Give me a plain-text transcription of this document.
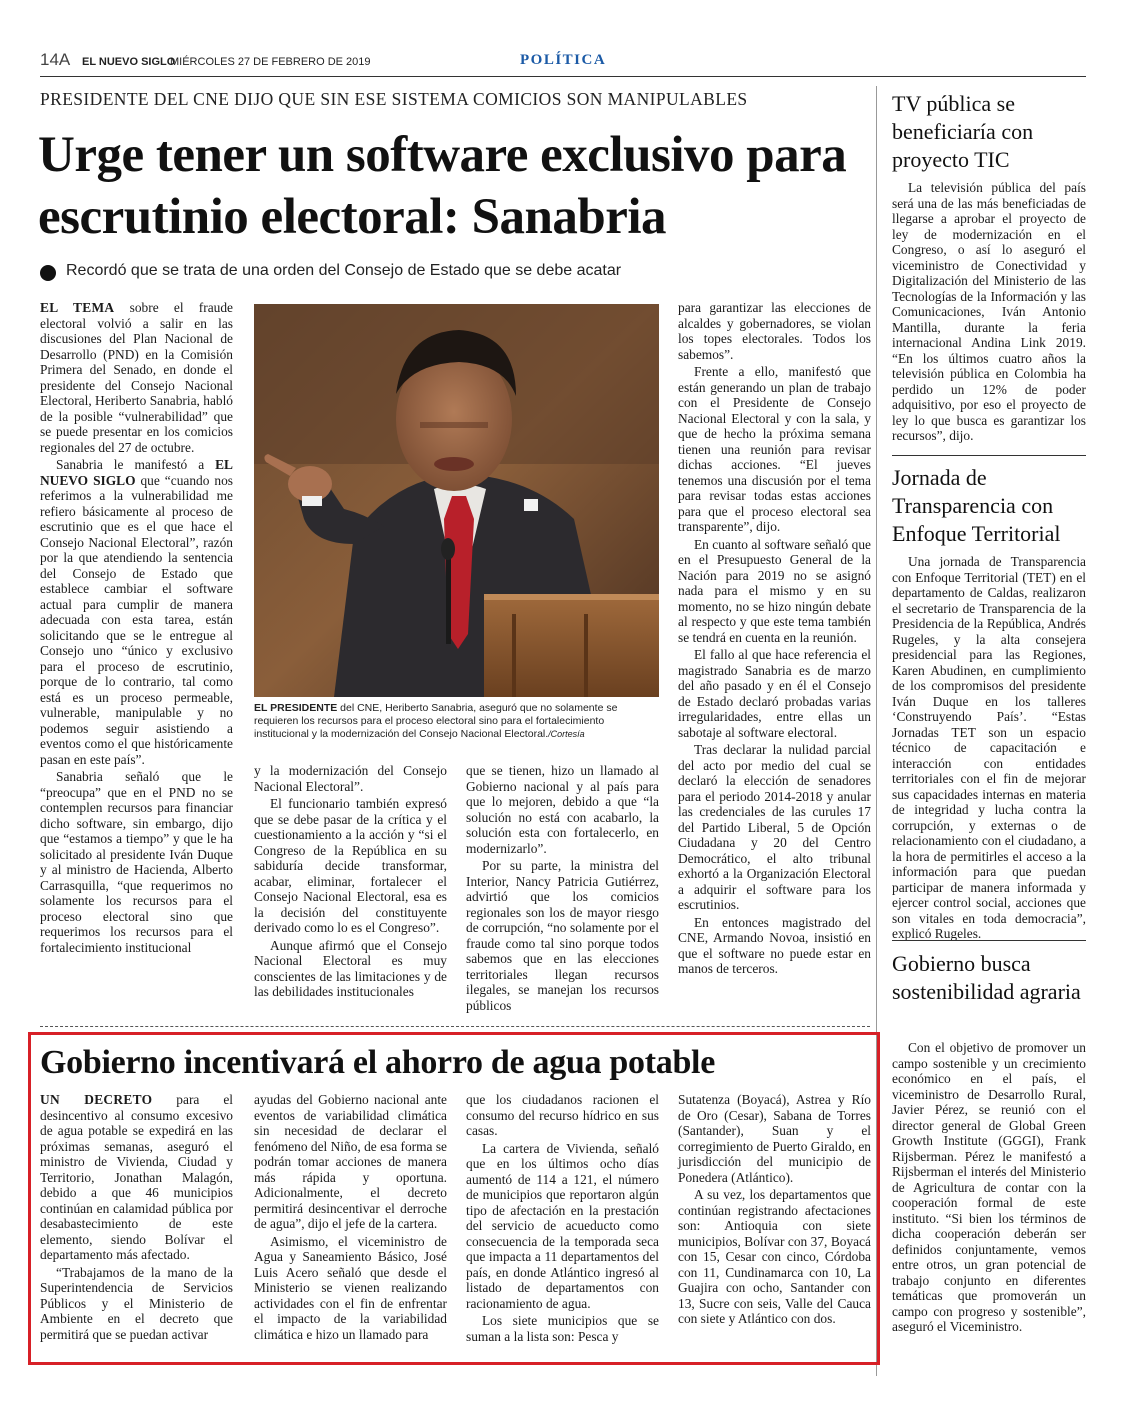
14A EL NUEVO SIGLO
MIÉRCOLES 27 DE FEBRERO DE 2019	POLÍTICA
PRESIDENTE DEL CNE DIJO QUE SIN ESE SISTEMA COMICIOS SON MANIPULABLES
Urge tener un software exclusivo para escrutinio electoral: Sanabria
Recordó que se trata de una orden del Consejo de Estado que se debe acatar

EL TEMA sobre el fraude electoral volvió a salir en las discusiones del Plan Nacional de Desarrollo (PND) en la Comisión Primera del Senado, en donde el presidente del Consejo Nacional Electoral, Heriberto Sanabria, habló de la posible “vulnerabilidad” que se puede presentar en los comicios regionales del 27 de octubre.

Sanabria le manifestó a EL NUEVO SIGLO que “cuando nos referimos a la vulnerabilidad me refiero básicamente al proceso de escrutinio que es el que hace el Consejo Nacional Electoral”, razón por la que atendiendo la sentencia del Consejo de Estado que establece cambiar el software actual para cumplir de manera adecuada con esta tarea, están solicitando que se le entregue al Consejo uno “único y exclusivo para el proceso de escrutinio, porque de lo contrario, tal como está es un proceso permeable, vulnerable, manipulable y no podemos seguir asistiendo a eventos como el que históricamente pasan en este país”.

Sanabria señaló que le “preocupa” que en el PND no se contemplen recursos para financiar dicho software, sin embargo, dijo que “estamos a tiempo” y que le ha solicitado al presidente Iván Duque y al ministro de Hacienda, Alberto Carrasquilla, “que requerimos no solamente los recursos para el proceso electoral sino que requerimos los recursos para el fortalecimiento institucional

EL PRESIDENTE del CNE, Heriberto Sanabria, aseguró que no solamente se requieren los recursos para el proceso electoral sino para el fortalecimiento institucional y la modernización del Consejo Nacional Electoral./Cortesía

y la modernización del Consejo Nacional Electoral”.

El funcionario también expresó que se debe pasar de la crítica y el cuestionamiento a la acción y “si el Congreso de la República en su sabiduría decide transformar, acabar, eliminar, fortalecer el Consejo Nacional Electoral, esa es la decisión del constituyente derivado como lo es el Congreso”.

Aunque afirmó que el Consejo Nacional Electoral es muy conscientes de las limitaciones y de las debilidades institucionales

que se tienen, hizo un llamado al Gobierno nacional y al país para que lo mejoren, debido a que “la solución no está con acabarlo, la solución esta con fortalecerlo, en modernizarlo”.

Por su parte, la ministra del Interior, Nancy Patricia Gutiérrez, advirtió que los comicios regionales son los de mayor riesgo de corrupción, “no solamente por el fraude como tal sino porque todos sabemos que en las elecciones territoriales llegan recursos ilegales, se manejan los recursos públicos

para garantizar las elecciones de alcaldes y gobernadores, se violan los topes electorales. Todos los sabemos”.

Frente a ello, manifestó que están generando un plan de trabajo con el Presidente de Consejo Nacional Electoral y con la sala, y que de hecho la próxima semana tienen una reunión para revisar dichas acciones. “El jueves tenemos una discusión por el tema para revisar todas estas acciones para que el proceso electoral sea transparente”, dijo.

En cuanto al software señaló que en el Presupuesto General de la Nación para 2019 no se asignó nada para el mismo y en su momento, no se hizo ningún debate al respecto y que este tema también se tendrá en cuenta en la reunión.

El fallo al que hace referencia el magistrado Sanabria es de marzo del año pasado y en él el Consejo de Estado declaró probadas varias irregularidades, entre ellas un sabotaje al software electoral.

Tras declarar la nulidad parcial del acto por medio del cual se declaró la elección de senadores para el periodo 2014-2018 y anular las credenciales de las curules 17 del Partido Liberal, 5 de Opción Ciudadana y 20 del Centro Democrático, el alto tribunal exhortó a la Organización Electoral a adquirir el software para los escrutinios.

En entonces magistrado del CNE, Armando Novoa, insistió en que el software no puede estar en manos de terceros.

Gobierno incentivará el ahorro de agua potable

UN DECRETO para el desincentivo al consumo excesivo de agua potable se expedirá en las próximas semanas, aseguró el ministro de Vivienda, Ciudad y Territorio, Jonathan Malagón, debido a que 46 municipios continúan en calamidad pública por desabastecimiento de este elemento, siendo Bolívar el departamento más afectado.

“Trabajamos de la mano de la Superintendencia de Servicios Públicos y el Ministerio de Ambiente en el decreto que permitirá que se puedan activar

ayudas del Gobierno nacional ante eventos de variabilidad climática sin necesidad de declarar el fenómeno del Niño, de esa forma se podrán tomar acciones de manera más rápida y oportuna. Adicionalmente, el decreto permitirá desincentivar el derroche de agua”, dijo el jefe de la cartera.

Asimismo, el viceministro de Agua y Saneamiento Básico, José Luis Acero señaló que desde el Ministerio se vienen realizando actividades con el fin de enfrentar el impacto de la variabilidad climática e hizo un llamado para

que los ciudadanos racionen el consumo del recurso hídrico en sus casas.

La cartera de Vivienda, señaló que en los últimos ocho días aumentó de 114 a 121, el número de municipios que reportaron algún tipo de afectación en la prestación del servicio de acueducto como consecuencia de la temporada seca que impacta a 11 departamentos del país, en donde Atlántico ingresó al listado de departamentos con racionamiento de agua.

Los siete municipios que se suman a la lista son: Pesca y

Sutatenza (Boyacá), Astrea y Río de Oro (Cesar), Sabana de Torres (Santander), Suan y el corregimiento de Puerto Giraldo, en jurisdicción del municipio de Ponedera (Atlántico).

A su vez, los departamentos que continúan registrando afectaciones son: Antioquia con siete municipios, Bolívar con 37, Boyacá con 15, Cesar con cinco, Córdoba con 11, Cundinamarca con 10, La Guajira con ocho, Santander con 13, Sucre con seis, Valle del Cauca con siete y Atlántico con dos.

TV pública se beneficiaría con proyecto TIC

La televisión pública del país será una de las más beneficiadas de llegarse a aprobar el proyecto de ley de modernización en el Congreso, o así lo aseguró el viceministro de Conectividad y Digitalización del Ministerio de las Tecnologías de la Información y las Comunicaciones, Iván Antonio Mantilla, durante la feria internacional Andina Link 2019. “En los últimos cuatro años la televisión pública en Colombia ha perdido un 12% de poder adquisitivo, por eso el proyecto de ley lo que busca es garantizar los recursos”, dijo.

Jornada de Transparencia con Enfoque Territorial

Una jornada de Transparencia con Enfoque Territorial (TET) en el departamento de Caldas, realizaron el secretario de Transparencia de la Presidencia de la República, Andrés Rugeles, y la alta consejera presidencial para las Regiones, Karen Abudinen, en cumplimiento de los compromisos del presidente Iván Duque en los talleres ‘Construyendo País’. “Estas Jornadas TET son un espacio técnico de capacitación e interacción con entidades territoriales con el fin de mejorar sus capacidades internas en materia de integridad y lucha contra la corrupción, y externas o de relacionamiento con el ciudadano, a la hora de permitirles el acceso a la información para que puedan participar de manera informada y ejercer control social, acciones que son vitales en toda democracia”, explicó Rugeles.

Gobierno busca sostenibilidad agraria

Con el objetivo de promover un campo sostenible y un crecimiento económico en el país, el viceministro de Desarrollo Rural, Javier Pérez, se reunió con el director general de Global Green Growth Institute (GGGI), Frank Rijsberman. Pérez le manifestó a Rijsberman el interés del Ministerio de Agricultura de contar con la cooperación formal de este instituto. “Si bien los términos de dicha cooperación deberán ser definidos conjuntamente, vemos entre otros, un gran potencial de trabajo conjunto en diferentes temáticas que promoverán un campo con progreso y sostenible”, aseguró el Viceministro.
